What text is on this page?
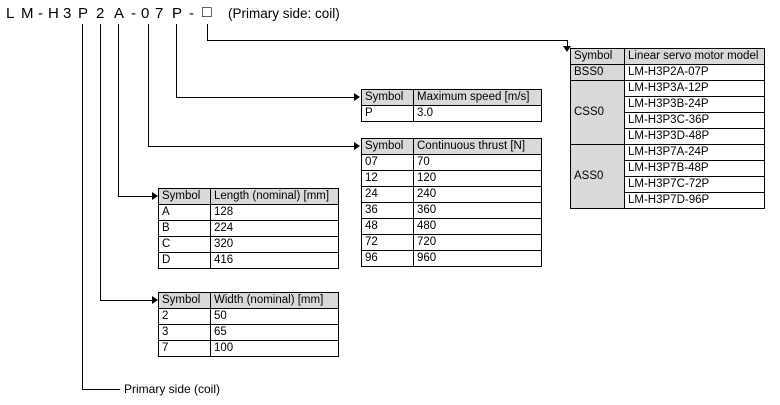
L M - H 3 P 2 A - 0 7 P - □ (Primary side: coil)
Primary side (coil)
Symbol	Linear servo motor model
BSS0	LM-H3P2A-07P
CSS0	LM-H3P3A-12P
	LM-H3P3B-24P
	LM-H3P3C-36P
	LM-H3P3D-48P
ASS0	LM-H3P7A-24P
	LM-H3P7B-48P
	LM-H3P7C-72P
	LM-H3P7D-96P
Symbol	Maximum speed [m/s]
P	3.0
Symbol	Continuous thrust [N]
07	70
12	120
24	240
36	360
48	480
72	720
96	960
Symbol	Length (nominal) [mm]
A	128
B	224
C	320
D	416
Symbol	Width (nominal) [mm]
2	50
3	65
7	100
